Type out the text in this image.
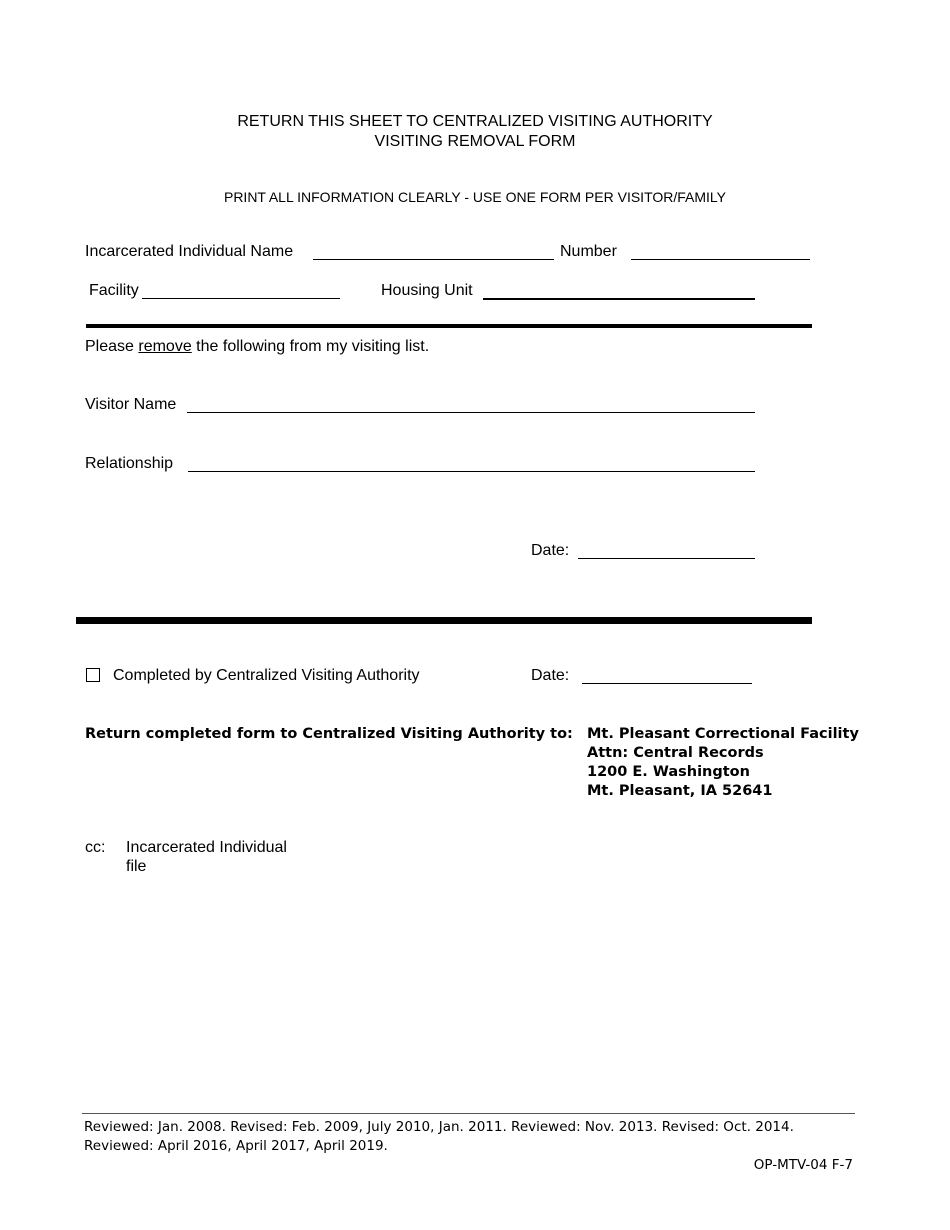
RETURN THIS SHEET TO CENTRALIZED VISITING AUTHORITY
VISITING REMOVAL FORM
PRINT ALL INFORMATION CLEARLY - USE ONE FORM PER VISITOR/FAMILY
Incarcerated Individual Name	Number
Facility	Housing Unit
Please remove the following from my visiting list.
Visitor Name
Relationship
Date:
Completed by Centralized Visiting Authority	Date:
Return completed form to Centralized Visiting Authority to: Mt. Pleasant Correctional Facility
Attn: Central Records
1200 E. Washington
Mt. Pleasant, IA 52641
cc: Incarcerated Individual
file
Reviewed: Jan. 2008. Revised: Feb. 2009, July 2010, Jan. 2011. Reviewed: Nov. 2013. Revised: Oct. 2014.
Reviewed: April 2016, April 2017, April 2019.
OP-MTV-04 F-7
